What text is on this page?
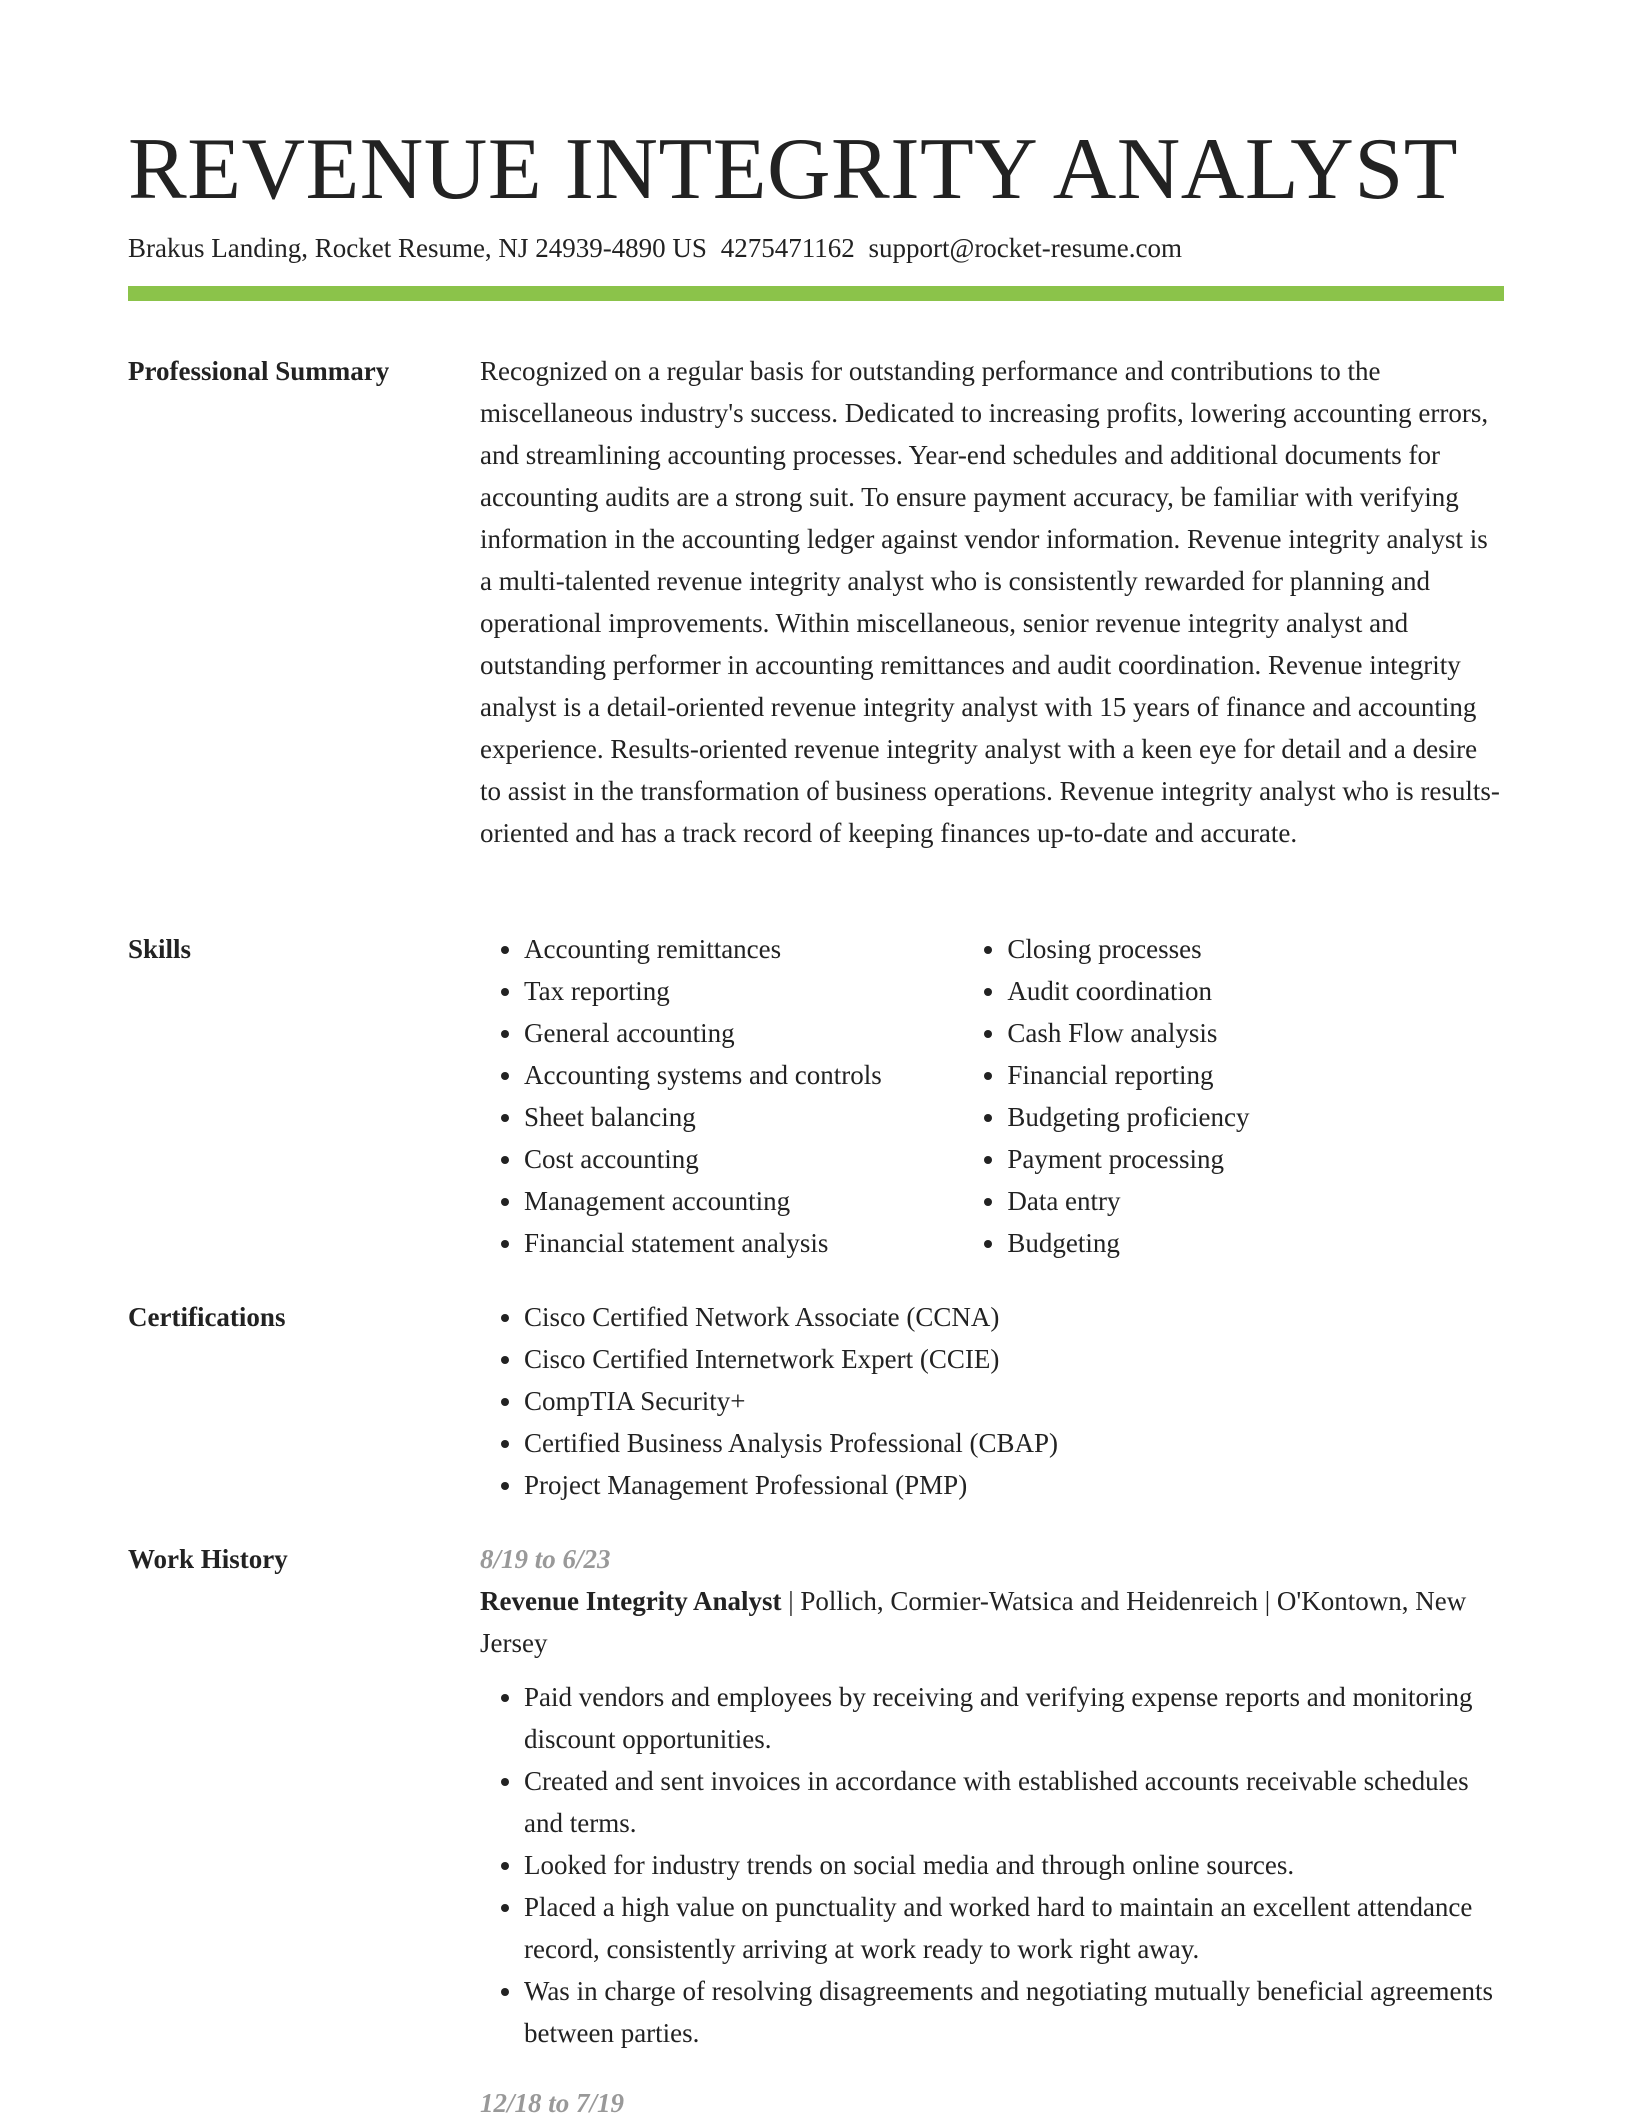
REVENUE INTEGRITY ANALYST
Brakus Landing, Rocket Resume, NJ 24939-4890 US 4275471162 support@rocket-resume.com
Professional Summary	Recognized on a regular basis for outstanding performance and contributions to the miscellaneous industry's success. Dedicated to increasing profits, lowering accounting errors, and streamlining accounting processes. Year-end schedules and additional documents for accounting audits are a strong suit. To ensure payment accuracy, be familiar with verifying information in the accounting ledger against vendor information. Revenue integrity analyst is a multi-talented revenue integrity analyst who is consistently rewarded for planning and operational improvements. Within miscellaneous, senior revenue integrity analyst and outstanding performer in accounting remittances and audit coordination. Revenue integrity analyst is a detail-oriented revenue integrity analyst with 15 years of finance and accounting experience. Results-oriented revenue integrity analyst with a keen eye for detail and a desire to assist in the transformation of business operations. Revenue integrity analyst who is results-oriented and has a track record of keeping finances up-to-date and accurate.

Skills	• Accounting remittances
• Tax reporting
• General accounting
• Accounting systems and controls
• Sheet balancing
• Cost accounting
• Management accounting
• Financial statement analysis
• Closing processes
• Audit coordination
• Cash Flow analysis
• Financial reporting
• Budgeting proficiency
• Payment processing
• Data entry
• Budgeting
Certifications	• Cisco Certified Network Associate (CCNA)
• Cisco Certified Internetwork Expert (CCIE)
• CompTIA Security+
• Certified Business Analysis Professional (CBAP)
• Project Management Professional (PMP)
Work History	8/19 to 6/23

Revenue Integrity Analyst | Pollich, Cormier-Watsica and Heidenreich | O'Kontown, New Jersey

• Paid vendors and employees by receiving and verifying expense reports and monitoring discount opportunities.
• Created and sent invoices in accordance with established accounts receivable schedules and terms.
• Looked for industry trends on social media and through online sources.
• Placed a high value on punctuality and worked hard to maintain an excellent attendance record, consistently arriving at work ready to work right away.
• Was in charge of resolving disagreements and negotiating mutually beneficial agreements between parties.
12/18 to 7/19
